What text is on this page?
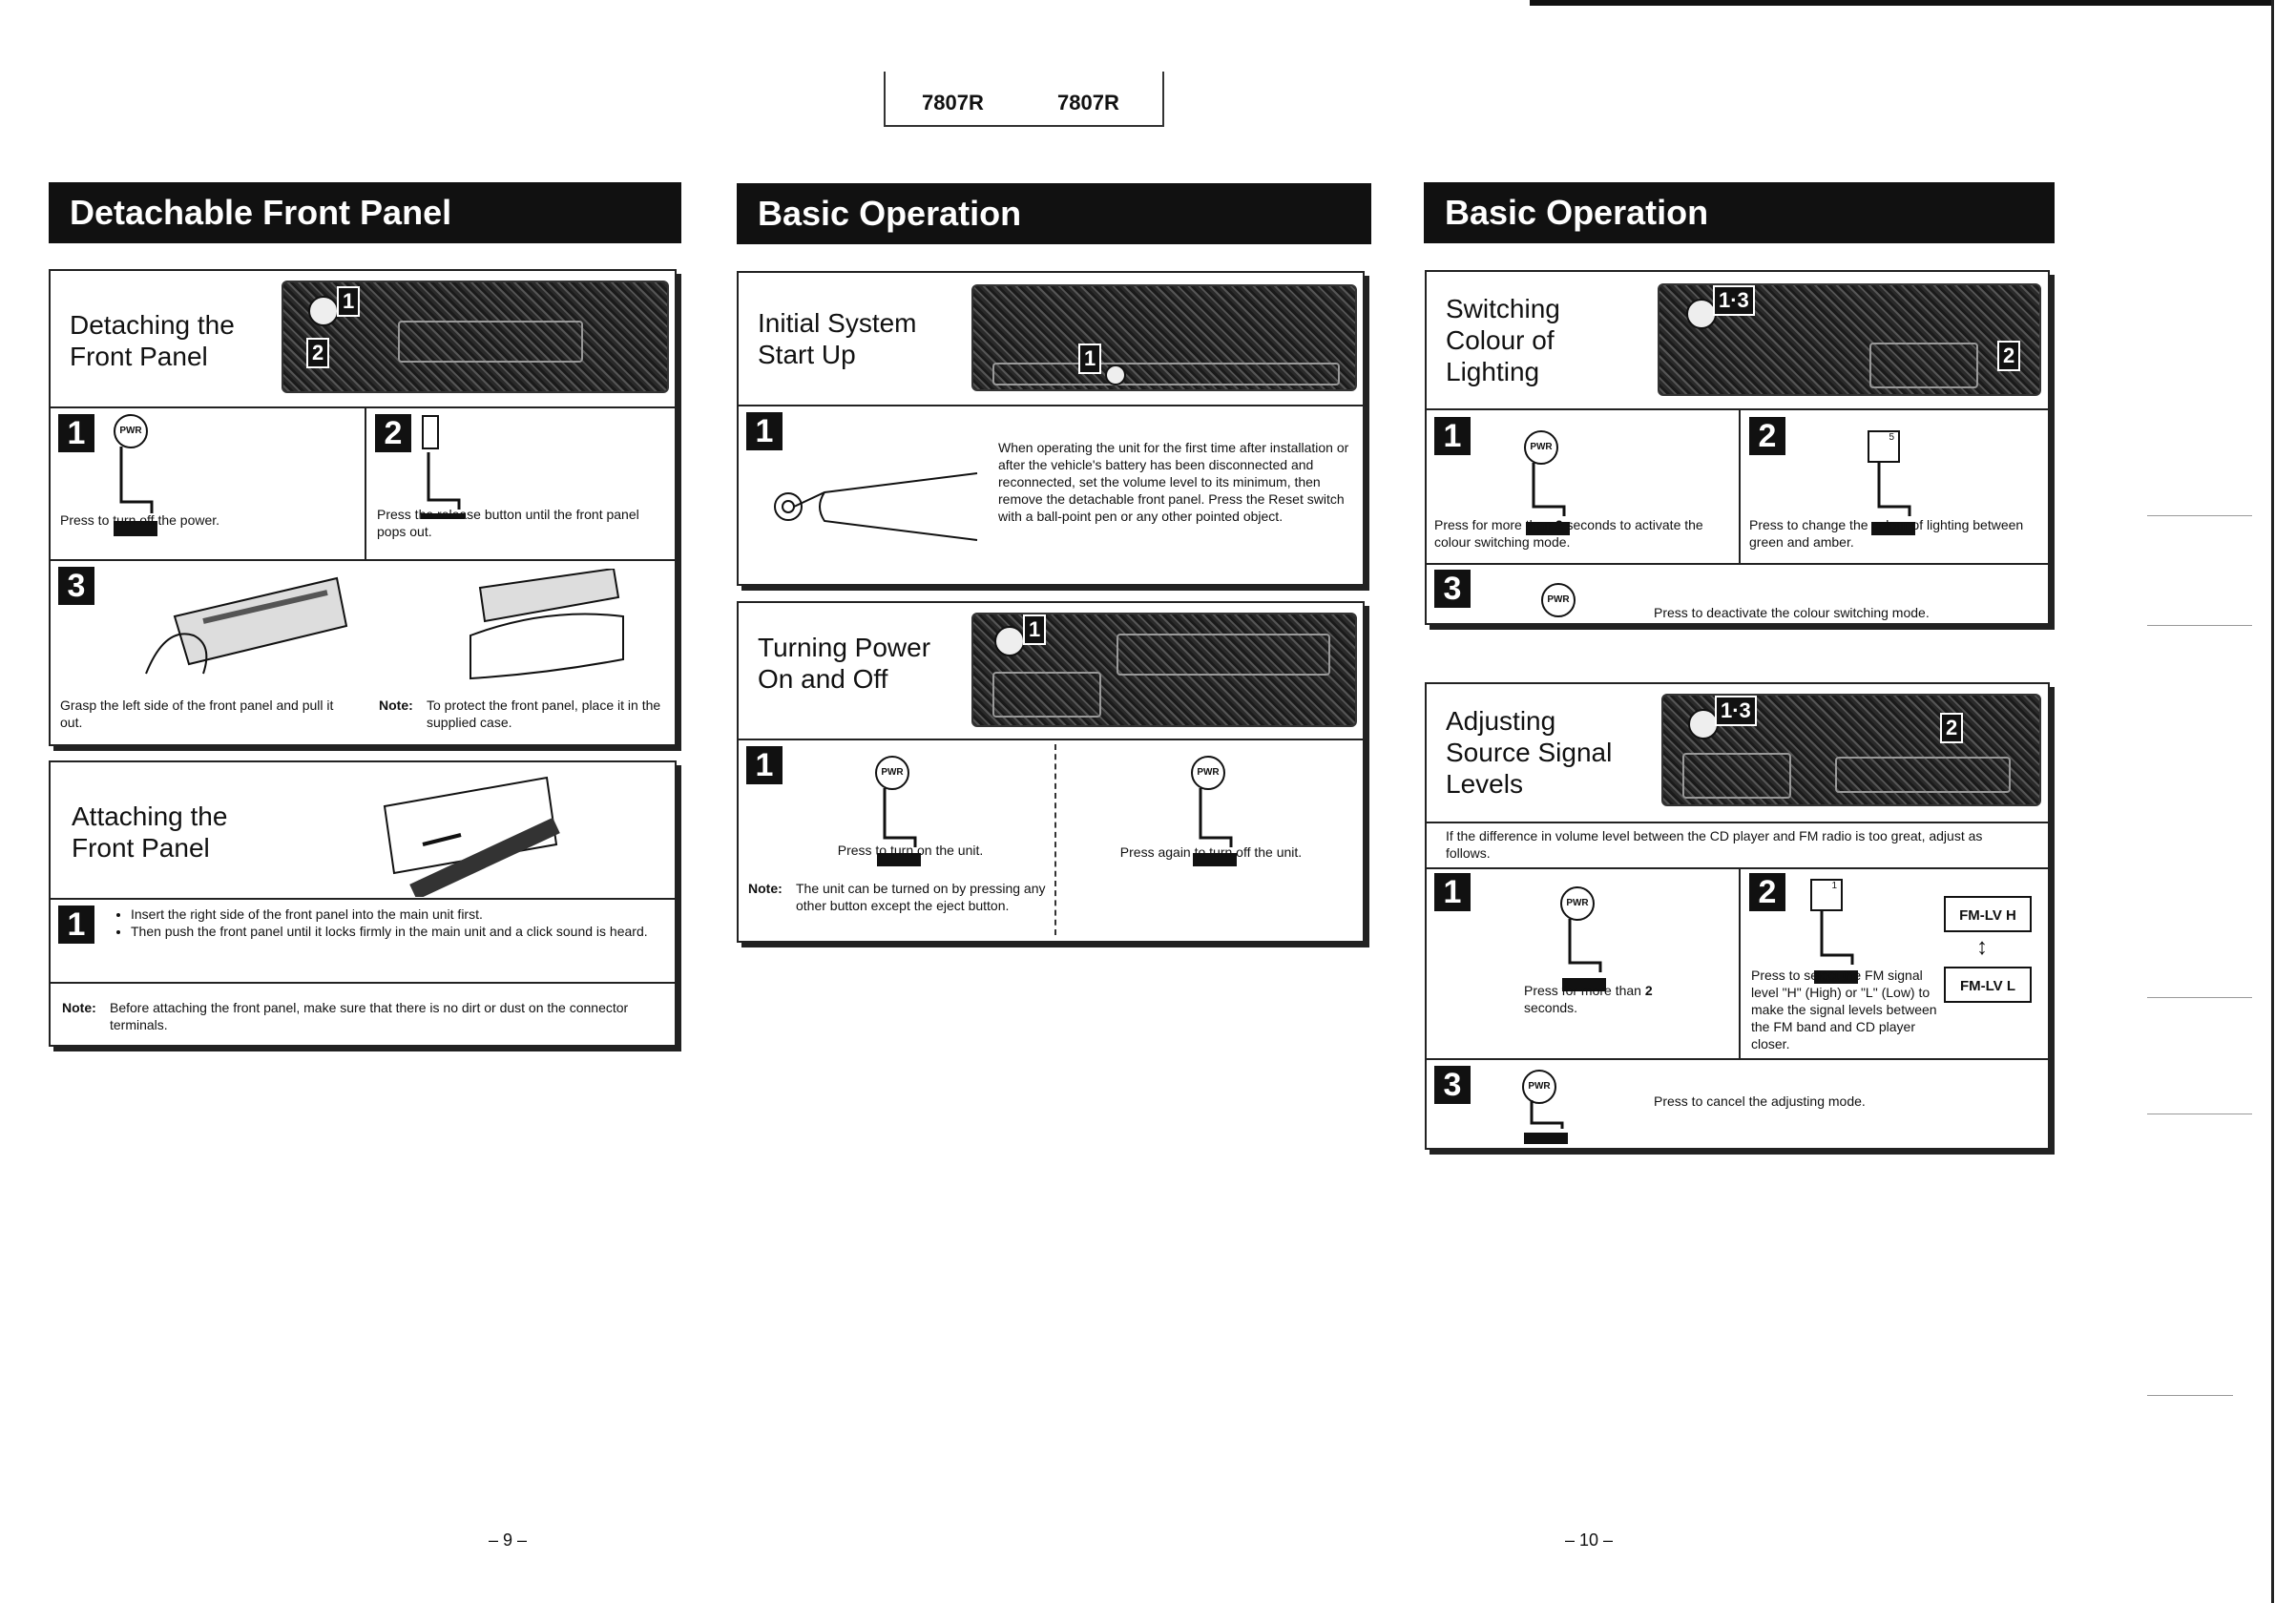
7807R	7807R
Detachable Front Panel
Detaching the
Front Panel
1
2
1	PWR
Press to turn off the power.
2
Press the release button until the front panel pops out.
3
Grasp the left side of the front panel and pull it out.
Note:	To protect the front panel, place it in the supplied case.
Attaching the
Front Panel
1	• Insert the right side of the front panel into the main unit first.
• Then push the front panel until it locks firmly in the main unit and a click sound is heard.
Note:	Before attaching the front panel, make sure that there is no dirt or dust on the connector terminals.
Basic Operation
Initial System
Start Up	1
1	When operating the unit for the first time after installation or after the vehicle's battery has been disconnected and reconnected, set the volume level to its minimum, then remove the detachable front panel. Press the Reset switch with a ball-point pen or any other pointed object.
Turning Power
On and Off
1
1	PWR
Press to turn on the unit.
Note:	The unit can be turned on by pressing any other button except the eject button.
PWR
Press again to turn off the unit.
Basic Operation
Switching
Colour of
Lighting
1·3
2
1	PWR
Press for more than 2 seconds to activate the colour switching mode.
2	5
Press to change the colour of lighting between green and amber.
3	PWR
Press to deactivate the colour switching mode.
Adjusting
Source Signal
Levels
1·3
2
If the difference in volume level between the CD player and FM radio is too great, adjust as follows.
1	PWR
Press for more than 2 seconds.
2	1
Press to select the FM signal level "H" (High) or "L" (Low) to make the signal levels between the FM band and CD player closer.
FM-LV H
↕
FM-LV L
3	PWR
Press to cancel the adjusting mode.
– 9 –	– 10 –
